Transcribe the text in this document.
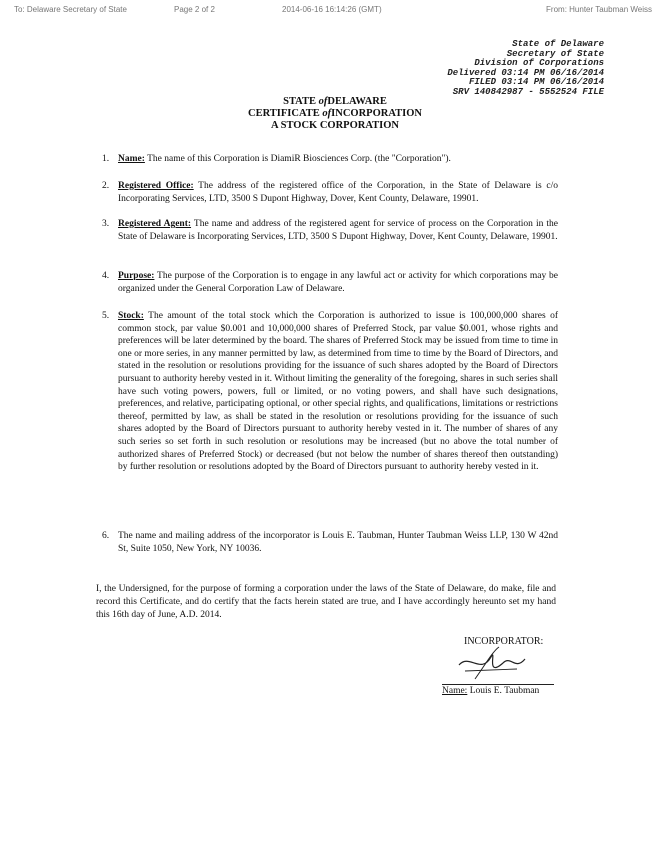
To: Delaware Secretary of State	Page 2 of 2	2014-06-16 16:14:26 (GMT)	From: Hunter Taubman Weiss
State of Delaware
Secretary of State
Division of Corporations
Delivered 03:14 PM 06/16/2014
FILED 03:14 PM 06/16/2014
SRV 140842987 - 5552524 FILE
STATE ofDELAWARE
CERTIFICATE ofINCORPORATION
A STOCK CORPORATION
1. Name: The name of this Corporation is DiamiR Biosciences Corp. (the "Corporation").
2. Registered Office: The address of the registered office of the Corporation, in the State of Delaware is c/o Incorporating Services, LTD, 3500 S Dupont Highway, Dover, Kent County, Delaware, 19901.
3. Registered Agent: The name and address of the registered agent for service of process on the Corporation in the State of Delaware is Incorporating Services, LTD, 3500 S Dupont Highway, Dover, Kent County, Delaware, 19901.
4. Purpose: The purpose of the Corporation is to engage in any lawful act or activity for which corporations may be organized under the General Corporation Law of Delaware.
5. Stock: The amount of the total stock which the Corporation is authorized to issue is 100,000,000 shares of common stock, par value $0.001 and 10,000,000 shares of Preferred Stock, par value $0.001, whose rights and preferences will be later determined by the board. The shares of Preferred Stock may be issued from time to time in one or more series, in any manner permitted by law, as determined from time to time by the Board of Directors, and stated in the resolution or resolutions providing for the issuance of such shares adopted by the Board of Directors pursuant to authority hereby vested in it. Without limiting the generality of the foregoing, shares in such series shall have such voting powers, powers, full or limited, or no voting powers, and shall have such designations, preferences, and relative, participating optional, or other special rights, and qualifications, limitations or restrictions thereof, permitted by law, as shall be stated in the resolution or resolutions providing for the issuance of such shares adopted by the Board of Directors pursuant to authority hereby vested in it. The number of shares of any such series so set forth in such resolution or resolutions may be increased (but no above the total number of authorized shares of Preferred Stock) or decreased (but not below the number of shares thereof then outstanding) by further resolution or resolutions adopted by the Board of Directors pursuant to authority hereby vested in it.
6. The name and mailing address of the incorporator is Louis E. Taubman, Hunter Taubman Weiss LLP, 130 W 42nd St, Suite 1050, New York, NY 10036.
I, the Undersigned, for the purpose of forming a corporation under the laws of the State of Delaware, do make, file and record this Certificate, and do certify that the facts herein stated are true, and I have accordingly hereunto set my hand this 16th day of June, A.D. 2014.
INCORPORATOR:
Name: Louis E. Taubman
